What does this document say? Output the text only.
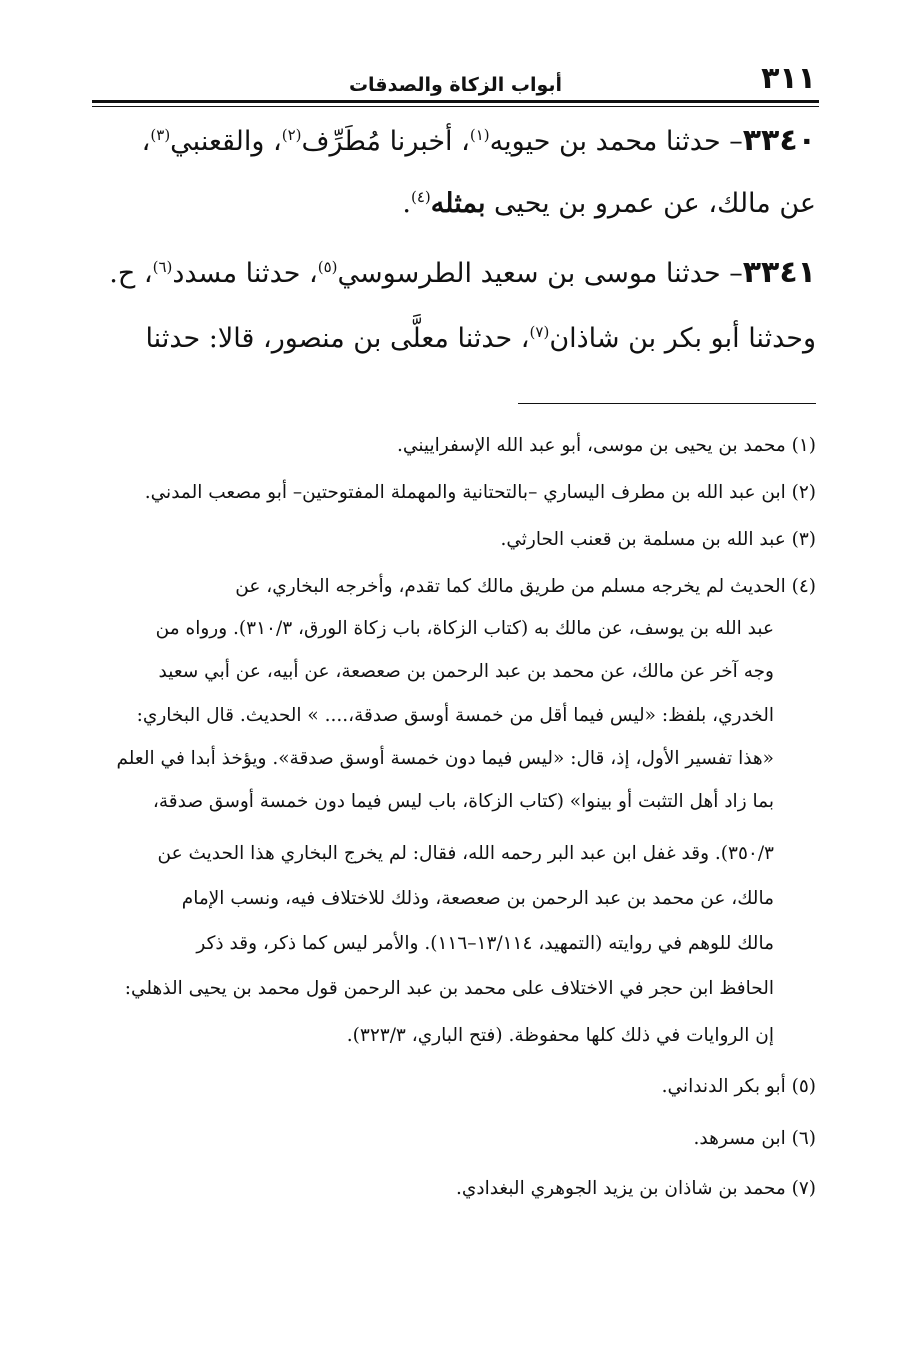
٣١١
أبواب الزكاة والصدقات
٣٣٤٠– حدثنا محمد بن حيويه$^{(١)}$، أخبرنا مُطَرِّف$^{(٢)}$، والقعنبي$^{(٣)}$،
عن مالك، عن عمرو بن يحيى بمثله$^{(٤)}$.
٣٣٤١– حدثنا موسى بن سعيد الطرسوسي$^{(٥)}$، حدثنا مسدد$^{(٦)}$، ح.
وحدثنا أبو بكر بن شاذان$^{(٧)}$، حدثنا معلَّى بن منصور، قالا: حدثنا
(١) محمد بن يحيى بن موسى، أبو عبد الله الإسفراييني.
(٢) ابن عبد الله بن مطرف اليساري –بالتحتانية والمهملة المفتوحتين– أبو مصعب المدني.
(٣) عبد الله بن مسلمة بن قعنب الحارثي.
(٤) الحديث لم يخرجه مسلم من طريق مالك كما تقدم، وأخرجه البخاري، عن
عبد الله بن يوسف، عن مالك به (كتاب الزكاة، باب زكاة الورق، ٣١٠/٣). ورواه من
وجه آخر عن مالك، عن محمد بن عبد الرحمن بن صعصعة، عن أبيه، عن أبي سعيد
الخدري، بلفظ: «ليس فيما أقل من خمسة أوسق صدقة،.... » الحديث. قال البخاري:
«هذا تفسير الأول، إذ، قال: «ليس فيما دون خمسة أوسق صدقة». ويؤخذ أبدا في العلم
بما زاد أهل التثبت أو بينوا» (كتاب الزكاة، باب ليس فيما دون خمسة أوسق صدقة،
٣٥٠/٣). وقد غفل ابن عبد البر رحمه الله، فقال: لم يخرج البخاري هذا الحديث عن
مالك، عن محمد بن عبد الرحمن بن صعصعة، وذلك للاختلاف فيه، ونسب الإمام
مالك للوهم في روايته (التمهيد، ١٣/١١٤–١١٦). والأمر ليس كما ذكر، وقد ذكر
الحافظ ابن حجر في الاختلاف على محمد بن عبد الرحمن قول محمد بن يحيى الذهلي:
إن الروايات في ذلك كلها محفوظة. (فتح الباري، ٣٢٣/٣).
(٥) أبو بكر الدنداني.
(٦) ابن مسرهد.
(٧) محمد بن شاذان بن يزيد الجوهري البغدادي.
